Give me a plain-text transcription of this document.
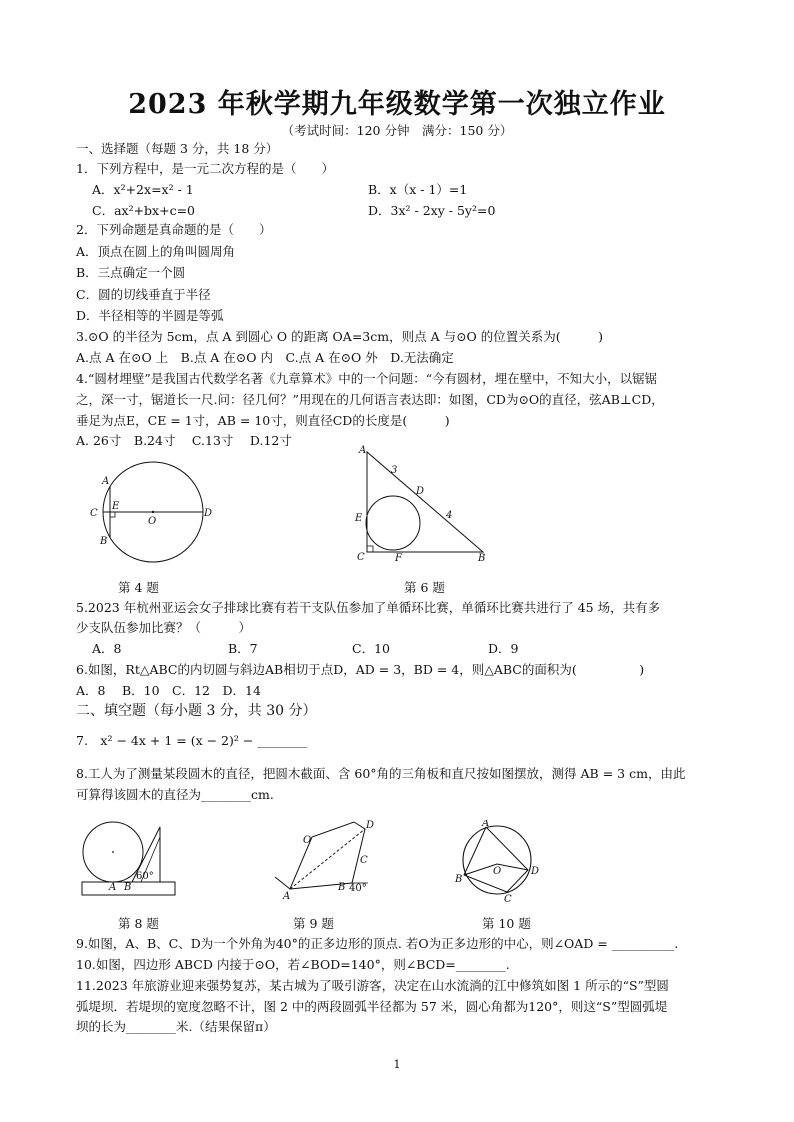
2023 年秋学期九年级数学第一次独立作业
（考试时间：120 分钟　满分：150 分）
一、选择题（每题 3 分，共 18 分）
1．下列方程中，是一元二次方程的是（　　）
A．x²+2x=x² - 1	B．x（x - 1）=1
C．ax²+bx+c=0	D．3x² - 2xy - 5y²=0
2．下列命题是真命题的是（　　）
A．顶点在圆上的角叫圆周角
B．三点确定一个圆
C．圆的切线垂直于半径
D．半径相等的半圆是等弧
3.⊙O 的半径为 5cm，点 A 到圆心 O 的距离 OA=3cm，则点 A 与⊙O 的位置关系为(　　　)
A.点 A 在⊙O 上　B.点 A 在⊙O 内　C.点 A 在⊙O 外　D.无法确定
4.“圆材埋壁”是我国古代数学名著《九章算术》中的一个问题：“今有圆材，埋在壁中，不知大小，以锯锯
之，深一寸，锯道长一尺.问：径几何？”用现在的几何语言表达即：如图，CD为⊙O的直径，弦AB⊥CD，
垂足为点E，CE = 1寸，AB = 10寸，则直径CD的长度是(　　　)
A. 26寸　B.24寸　 C.13寸　 D.12寸
A
E
C
O
D
B
A
3
D
4
E
C	F	B
第 4 题	第 6 题
5.2023 年杭州亚运会女子排球比赛有若干支队伍参加了单循环比赛，单循环比赛共进行了 45 场，共有多
少支队伍参加比赛？（　　　）
A．8	B．7	C．10	D．9
6.如图，Rt△ABC的内切圆与斜边AB相切于点D，AD = 3，BD = 4，则△ABC的面积为(　　　　　)
A．8　 B．10　C．12　D．14
二、填空题（每小题 3 分，共 30 分）
7.　x² − 4x + 1 = (x − 2)² − ________
8.工人为了测量某段圆木的直径，把圆木截面、含 60°角的三角板和直尺按如图摆放，测得 AB = 3 cm，由此
可算得该圆木的直径为________cm.
A B
60°
O
D
C
A
B 40°
A
B
O	D
C
第 8 题	第 9 题	第 10 题
9.如图，A、B、C、D为一个外角为40°的正多边形的顶点. 若O为正多边形的中心，则∠OAD = __________.
10.如图，四边形 ABCD 内接于⊙O，若∠BOD=140°，则∠BCD=________.
11.2023 年旅游业迎来强势复苏，某古城为了吸引游客，决定在山水流淌的江中修筑如图 1 所示的“S”型圆
弧堤坝．若堤坝的宽度忽略不计，图 2 中的两段圆弧半径都为 57 米，圆心角都为120°，则这“S”型圆弧堤
坝的长为________米.（结果保留π）
1
